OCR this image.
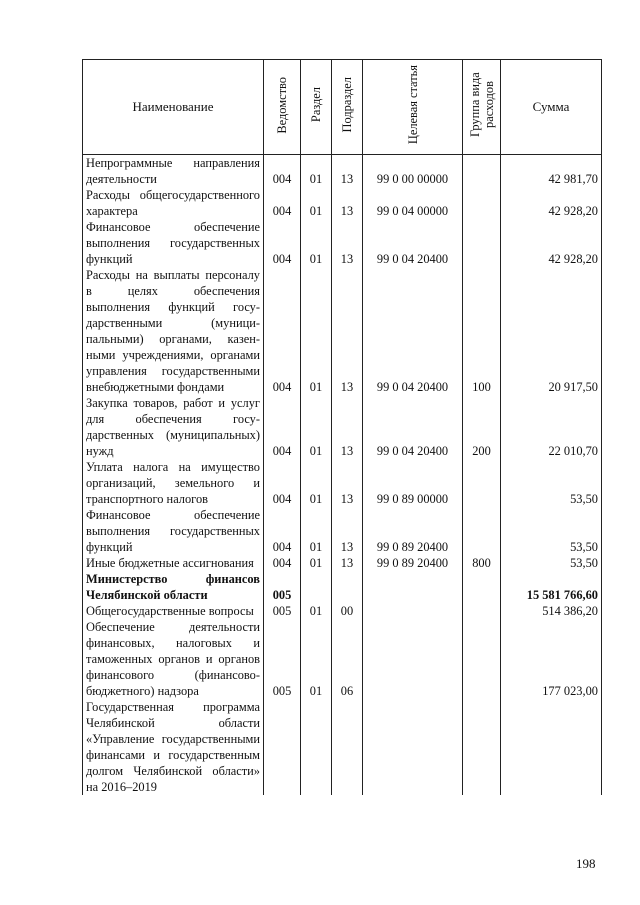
Наименование	Ведомство	Раздел	Подраздел	Целевая статья	Группа вида расходов	Сумма
Непрограммные направления деятельности	004	01	13	99 0 00 00000		42 981,70
Расходы общегосударственного характера	004	01	13	99 0 04 00000		42 928,20
Финансовое обеспечение выполнения государственных функций	004	01	13	99 0 04 20400		42 928,20
Расходы на выплаты персоналу в целях обеспечения выполнения функций государственными (муниципальными) органами, казенными учреждениями, органами управления государственными внебюджетными фондами	004	01	13	99 0 04 20400	100	20 917,50
Закупка товаров, работ и услуг для обеспечения государственных (муниципальных) нужд	004	01	13	99 0 04 20400	200	22 010,70
Уплата налога на имущество организаций, земельного и транспортного налогов	004	01	13	99 0 89 00000		53,50
Финансовое обеспечение выполнения государственных функций	004	01	13	99 0 89 20400		53,50
Иные бюджетные ассигнования	004	01	13	99 0 89 20400	800	53,50
Министерство финансов Челябинской области	005					15 581 766,60
Общегосударственные вопросы	005	01	00			514 386,20
Обеспечение деятельности финансовых, налоговых и таможенных органов и органов финансового (финансово-бюджетного) надзора	005	01	06			177 023,00
Государственная программа Челябинской области «Управление государственными финансами и государственным долгом Челябинской области» на 2016–2019						
198
